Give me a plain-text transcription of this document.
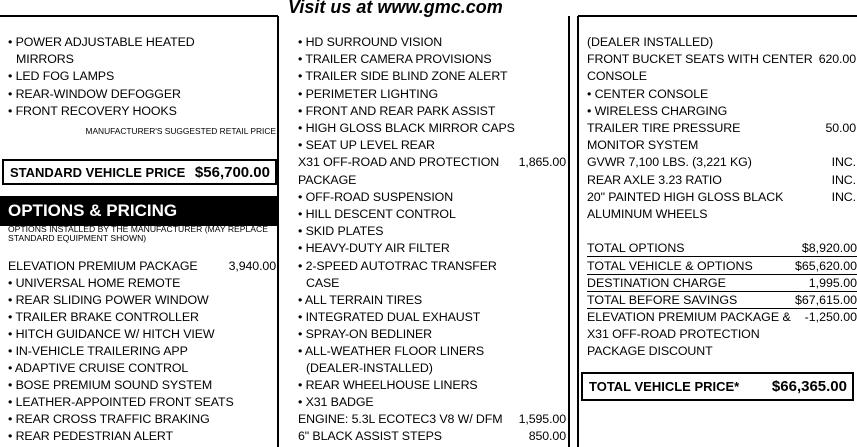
Visit us at www.gmc.com
• POWER ADJUSTABLE HEATED
MIRRORS
• LED FOG LAMPS
• REAR-WINDOW DEFOGGER
• FRONT RECOVERY HOOKS
MANUFACTURER'S SUGGESTED RETAIL PRICE
STANDARD VEHICLE PRICE $56,700.00
OPTIONS & PRICING
OPTIONS INSTALLED BY THE MANUFACTURER (MAY REPLACE
STANDARD EQUIPMENT SHOWN)
ELEVATION PREMIUM PACKAGE 3,940.00
• UNIVERSAL HOME REMOTE
• REAR SLIDING POWER WINDOW
• TRAILER BRAKE CONTROLLER
• HITCH GUIDANCE W/ HITCH VIEW
• IN-VEHICLE TRAILERING APP
• ADAPTIVE CRUISE CONTROL
• BOSE PREMIUM SOUND SYSTEM
• LEATHER-APPOINTED FRONT SEATS
• REAR CROSS TRAFFIC BRAKING
• REAR PEDESTRIAN ALERT
• HD SURROUND VISION
• TRAILER CAMERA PROVISIONS
• TRAILER SIDE BLIND ZONE ALERT
• PERIMETER LIGHTING
• FRONT AND REAR PARK ASSIST
• HIGH GLOSS BLACK MIRROR CAPS
• SEAT UP LEVEL REAR
X31 OFF-ROAD AND PROTECTION 1,865.00
PACKAGE
• OFF-ROAD SUSPENSION
• HILL DESCENT CONTROL
• SKID PLATES
• HEAVY-DUTY AIR FILTER
• 2-SPEED AUTOTRAC TRANSFER
CASE
• ALL TERRAIN TIRES
• INTEGRATED DUAL EXHAUST
• SPRAY-ON BEDLINER
• ALL-WEATHER FLOOR LINERS
(DEALER-INSTALLED)
• REAR WHEELHOUSE LINERS
• X31 BADGE
ENGINE: 5.3L ECOTEC3 V8 W/ DFM 1,595.00
6" BLACK ASSIST STEPS	850.00
(DEALER INSTALLED)
FRONT BUCKET SEATS WITH CENTER 620.00
CONSOLE
• CENTER CONSOLE
• WIRELESS CHARGING
TRAILER TIRE PRESSURE	50.00
MONITOR SYSTEM
GVWR 7,100 LBS. (3,221 KG)	INC.
REAR AXLE 3.23 RATIO	INC.
20" PAINTED HIGH GLOSS BLACK	INC.
ALUMINUM WHEELS
TOTAL OPTIONS	$8,920.00
TOTAL VEHICLE & OPTIONS	$65,620.00
DESTINATION CHARGE	1,995.00
TOTAL BEFORE SAVINGS	$67,615.00
ELEVATION PREMIUM PACKAGE & -1,250.00
X31 OFF-ROAD PROTECTION
PACKAGE DISCOUNT
TOTAL VEHICLE PRICE* $66,365.00
